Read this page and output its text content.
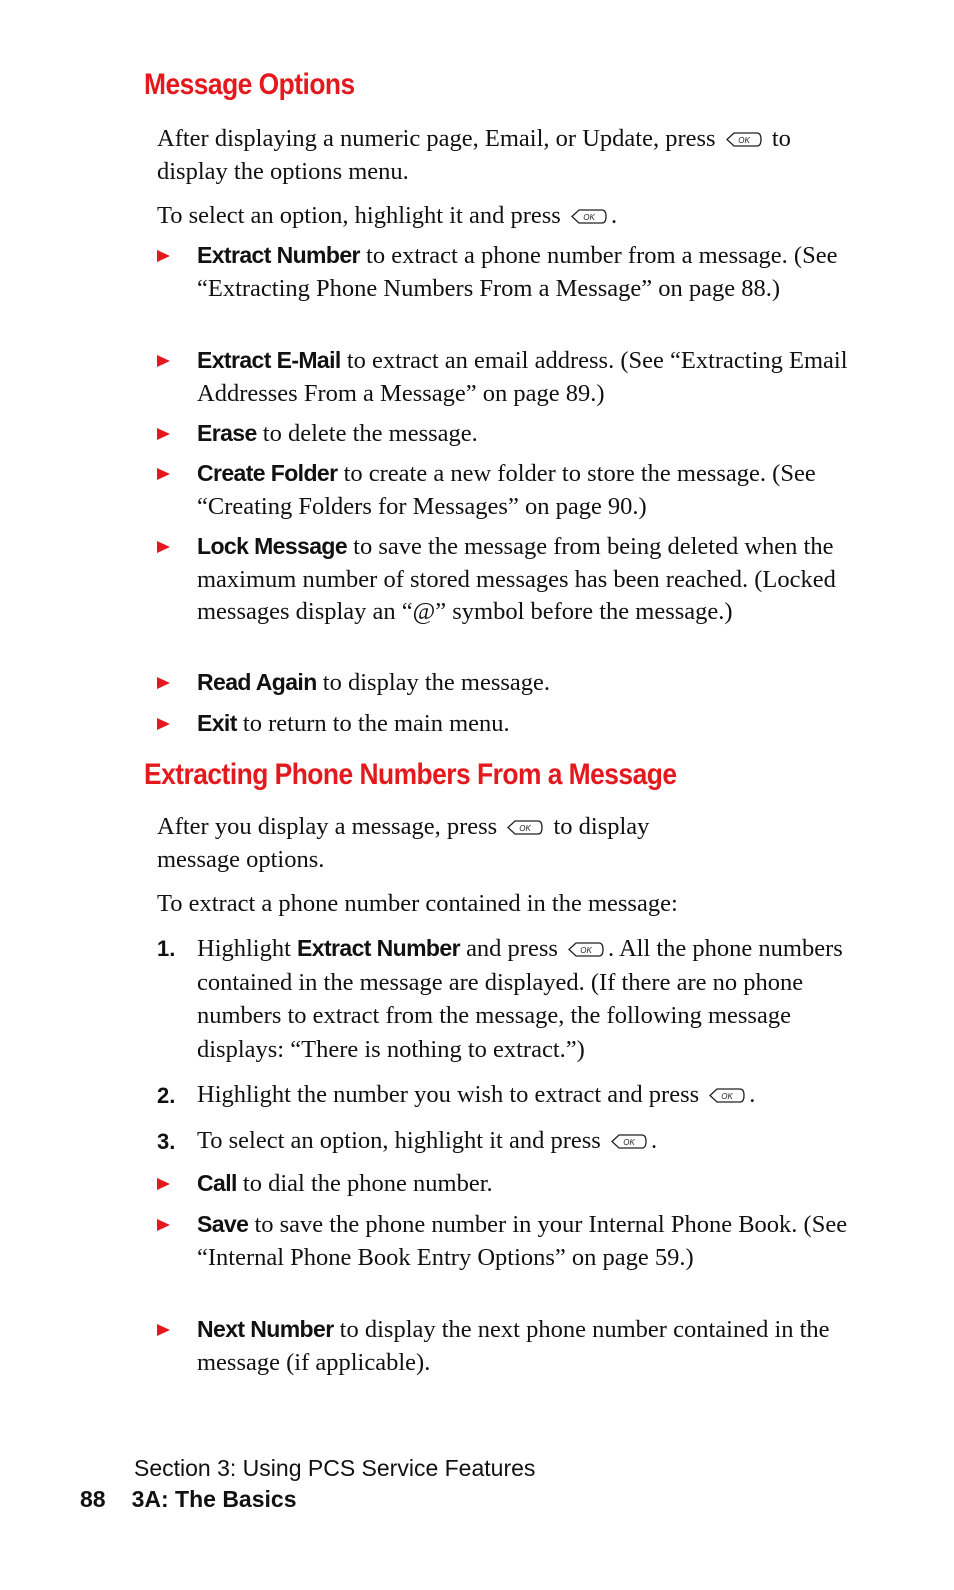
Message Options

After displaying a numeric page, Email, or Update, press	OK to display the options menu.

To select an option, highlight it and press	OK .

Extract Number to extract a phone number from a message. (See “Extracting Phone Numbers From a Message” on page 88.)

Extract E-Mail to extract an email address. (See “Extracting Email Addresses From a Message” on page 89.)

Erase to delete the message.

Create Folder to create a new folder to store the message. (See “Creating Folders for Messages” on page 90.)

Lock Message to save the message from being deleted when the maximum number of stored messages has been reached. (Locked messages display an “@” symbol before the message.)

Read Again to display the message.

Exit to return to the main menu.

Extracting Phone Numbers From a Message

After you display a message, press	OK to display message options.

To extract a phone number contained in the message:

1. Highlight Extract Number and press	OK . All the phone numbers contained in the message are displayed. (If there are no phone numbers to extract from the message, the following message displays: “There is nothing to extract.”)

2. Highlight the number you wish to extract and press	OK .

3. To select an option, highlight it and press	OK .

Call to dial the phone number.

Save to save the phone number in your Internal Phone Book. (See “Internal Phone Book Entry Options” on page 59.)

Next Number to display the next phone number contained in the message (if applicable).

Section 3: Using PCS Service Features

88 3A: The Basics
